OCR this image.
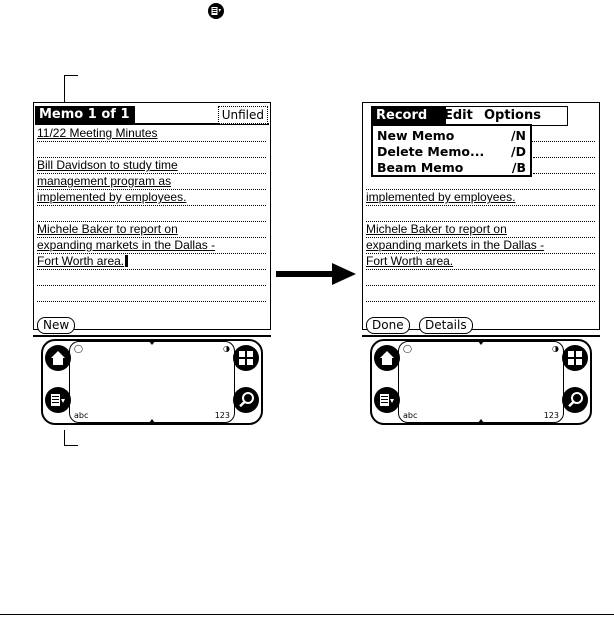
Memo 1 of 1	Unfiled
11/22 Meeting Minutes
Bill Davidson to study time
management program as
implemented by employees.
Michele Baker to report on
expanding markets in the Dallas -
Fort Worth area.
New
◯	◑
abc	123
implemented by employees.
Michele Baker to report on
expanding markets in the Dallas -
Fort Worth area.
Record	Edit Options
New Memo	∕N
Delete Memo... ∕D
Beam Memo	∕B
Done	Details
◯	◑
abc	123
